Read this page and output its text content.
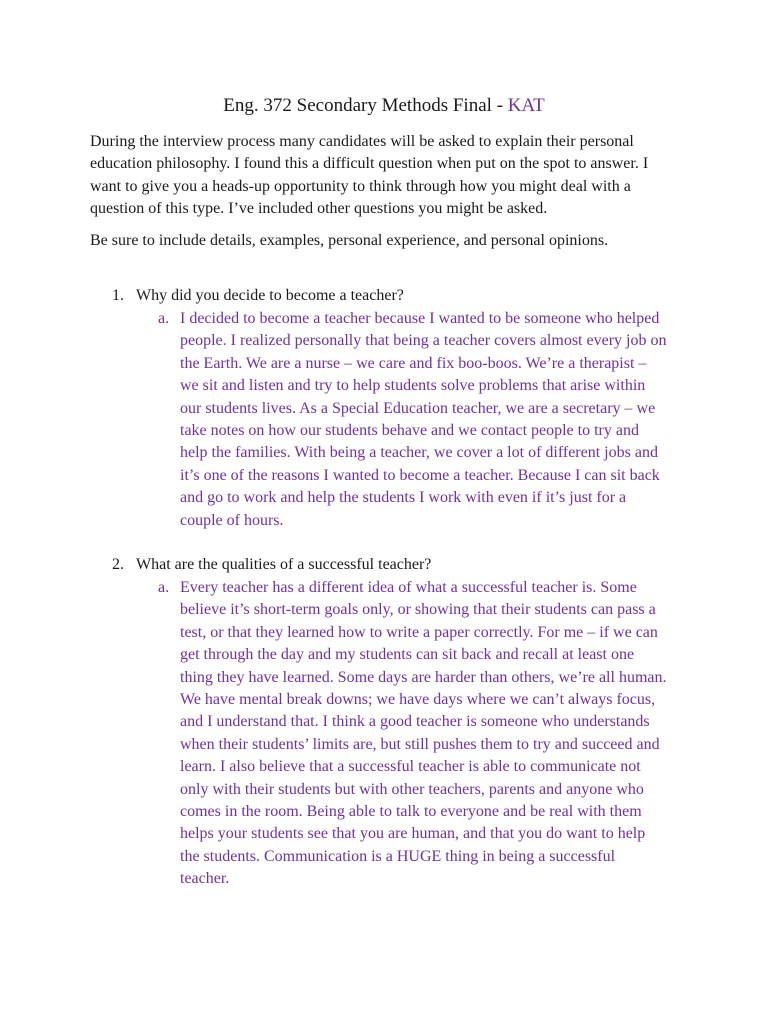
Eng. 372 Secondary Methods Final - KAT

During the interview process many candidates will be asked to explain their personal education philosophy. I found this a difficult question when put on the spot to answer. I want to give you a heads-up opportunity to think through how you might deal with a question of this type. I’ve included other questions you might be asked.

Be sure to include details, examples, personal experience, and personal opinions.

1. Why did you decide to become a teacher?
a. I decided to become a teacher because I wanted to be someone who helped people. I realized personally that being a teacher covers almost every job on the Earth. We are a nurse – we care and fix boo-boos. We’re a therapist – we sit and listen and try to help students solve problems that arise within our students lives. As a Special Education teacher, we are a secretary – we take notes on how our students behave and we contact people to try and help the families. With being a teacher, we cover a lot of different jobs and it’s one of the reasons I wanted to become a teacher. Because I can sit back and go to work and help the students I work with even if it’s just for a couple of hours.
2. What are the qualities of a successful teacher?
a. Every teacher has a different idea of what a successful teacher is. Some believe it’s short-term goals only, or showing that their students can pass a test, or that they learned how to write a paper correctly. For me – if we can get through the day and my students can sit back and recall at least one thing they have learned. Some days are harder than others, we’re all human. We have mental break downs; we have days where we can’t always focus, and I understand that. I think a good teacher is someone who understands when their students’ limits are, but still pushes them to try and succeed and learn. I also believe that a successful teacher is able to communicate not only with their students but with other teachers, parents and anyone who comes in the room. Being able to talk to everyone and be real with them helps your students see that you are human, and that you do want to help the students. Communication is a HUGE thing in being a successful teacher.
